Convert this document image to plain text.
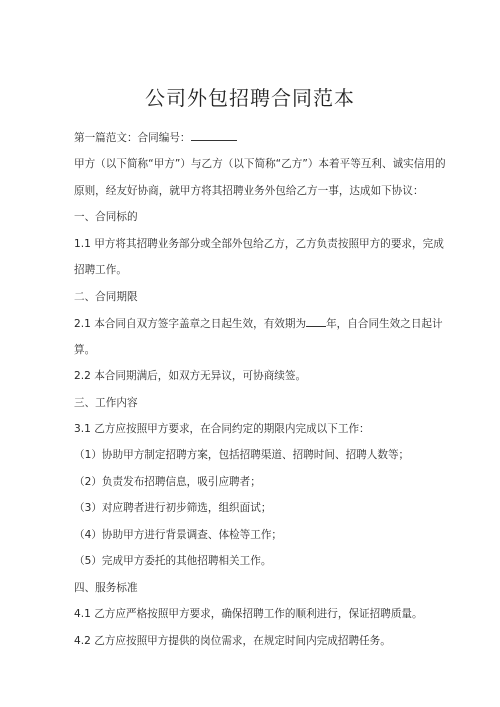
公司外包招聘合同范本
第一篇范文：合同编号：
甲方（以下简称“甲方”）与乙方（以下简称“乙方”）本着平等互利、诚实信用的
原则，经友好协商，就甲方将其招聘业务外包给乙方一事，达成如下协议：
一、合同标的
1.1 甲方将其招聘业务部分或全部外包给乙方，乙方负责按照甲方的要求，完成
招聘工作。
二、合同期限
2.1 本合同自双方签字盖章之日起生效，有效期为 年，自合同生效之日起计
算。
2.2 本合同期满后，如双方无异议，可协商续签。
三、工作内容
3.1 乙方应按照甲方要求，在合同约定的期限内完成以下工作：
（1）协助甲方制定招聘方案，包括招聘渠道、招聘时间、招聘人数等；
（2）负责发布招聘信息，吸引应聘者；
（3）对应聘者进行初步筛选，组织面试；
（4）协助甲方进行背景调查、体检等工作；
（5）完成甲方委托的其他招聘相关工作。
四、服务标准
4.1 乙方应严格按照甲方要求，确保招聘工作的顺利进行，保证招聘质量。
4.2 乙方应按照甲方提供的岗位需求，在规定时间内完成招聘任务。
